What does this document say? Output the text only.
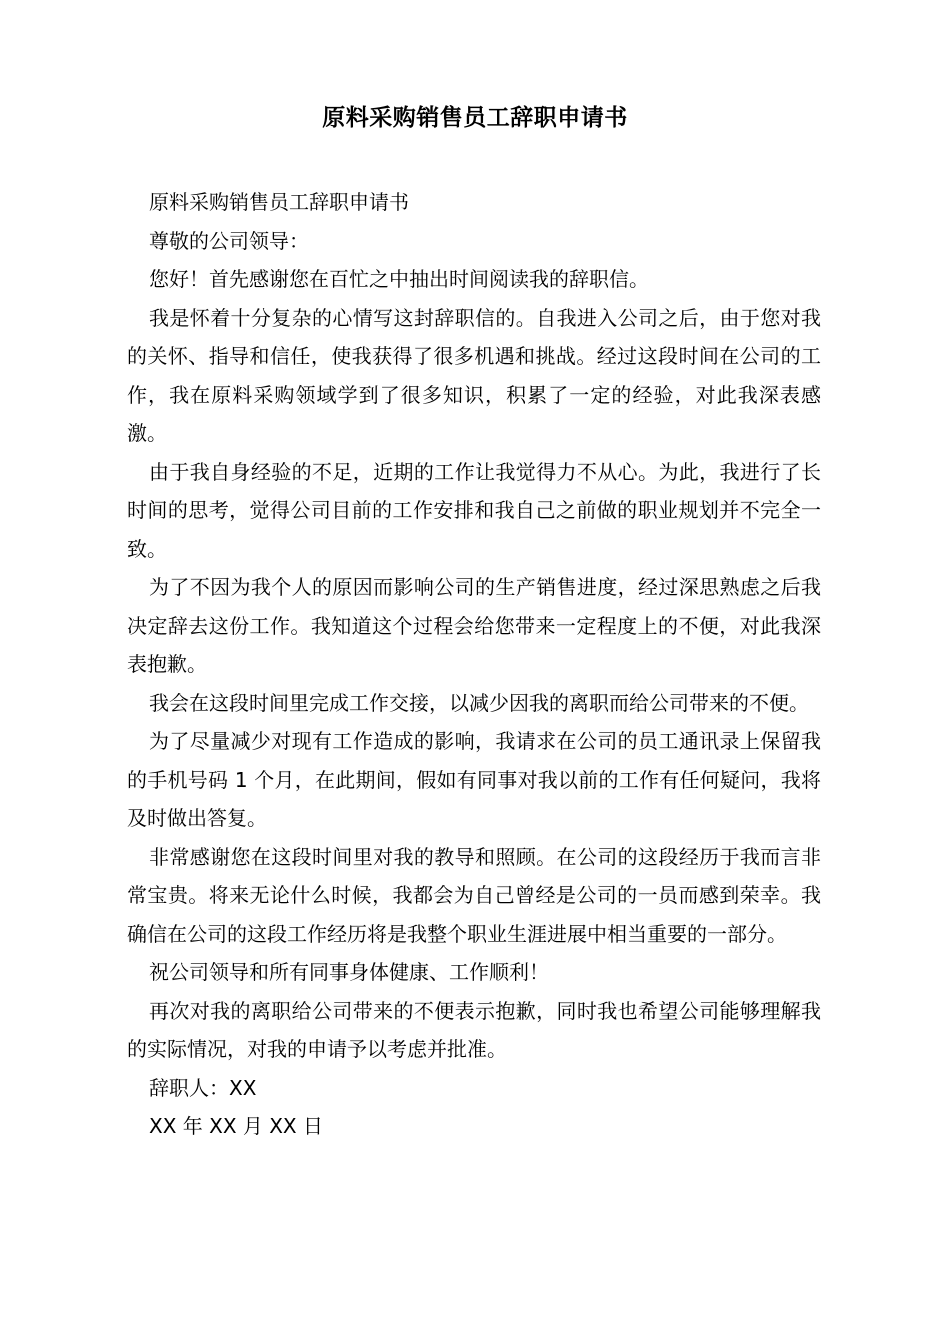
原料采购销售员工辞职申请书

原料采购销售员工辞职申请书

尊敬的公司领导：

您好！首先感谢您在百忙之中抽出时间阅读我的辞职信。

我是怀着十分复杂的心情写这封辞职信的。自我进入公司之后，由于您对我的关怀、指导和信任，使我获得了很多机遇和挑战。经过这段时间在公司的工作，我在原料采购领域学到了很多知识，积累了一定的经验，对此我深表感激。

由于我自身经验的不足，近期的工作让我觉得力不从心。为此，我进行了长时间的思考，觉得公司目前的工作安排和我自己之前做的职业规划并不完全一致。

为了不因为我个人的原因而影响公司的生产销售进度，经过深思熟虑之后我决定辞去这份工作。我知道这个过程会给您带来一定程度上的不便，对此我深表抱歉。

我会在这段时间里完成工作交接，以减少因我的离职而给公司带来的不便。

为了尽量减少对现有工作造成的影响，我请求在公司的员工通讯录上保留我的手机号码 1 个月，在此期间，假如有同事对我以前的工作有任何疑问，我将及时做出答复。

非常感谢您在这段时间里对我的教导和照顾。在公司的这段经历于我而言非常宝贵。将来无论什么时候，我都会为自己曾经是公司的一员而感到荣幸。我确信在公司的这段工作经历将是我整个职业生涯进展中相当重要的一部分。

祝公司领导和所有同事身体健康、工作顺利！

再次对我的离职给公司带来的不便表示抱歉，同时我也希望公司能够理解我的实际情况，对我的申请予以考虑并批准。

辞职人：XX

XX 年 XX 月 XX 日
